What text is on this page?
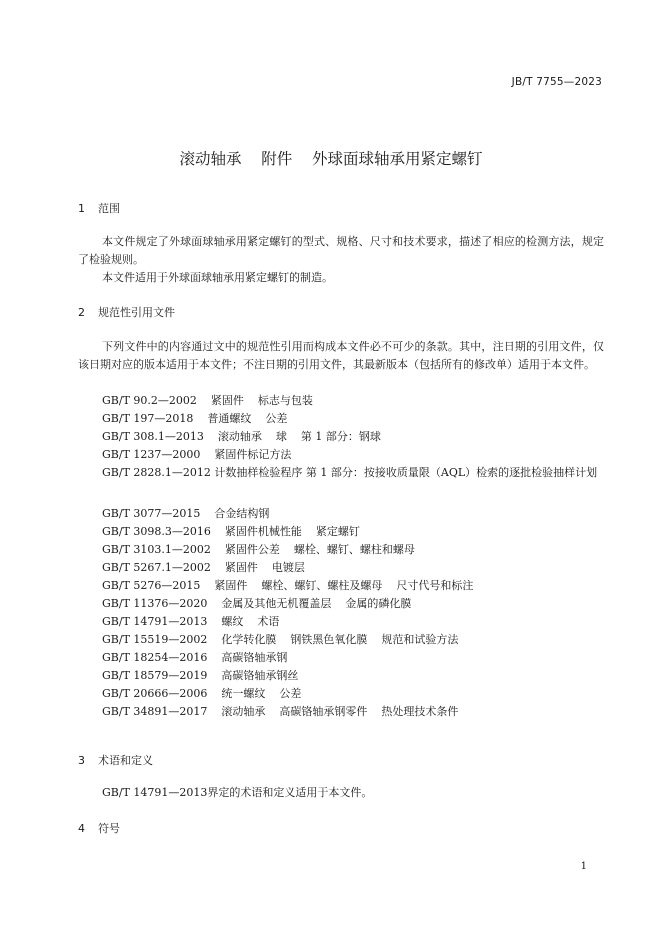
JB/T 7755—2023
滚动轴承    附件    外球面球轴承用紧定螺钉
1 范围
本文件规定了外球面球轴承用紧定螺钉的型式、规格、尺寸和技术要求，描述了相应的检测方法，规定了检验规则。
本文件适用于外球面球轴承用紧定螺钉的制造。
2 规范性引用文件
下列文件中的内容通过文中的规范性引用而构成本文件必不可少的条款。其中，注日期的引用文件，仅该日期对应的版本适用于本文件；不注日期的引用文件，其最新版本（包括所有的修改单）适用于本文件。
GB/T 90.2—2002    紧固件    标志与包装
GB/T 197—2018    普通螺纹    公差
GB/T 308.1—2013    滚动轴承    球    第 1 部分：钢球
GB/T 1237—2000    紧固件标记方法
GB/T 2828.1—2012 计数抽样检验程序 第 1 部分：按接收质量限（AQL）检索的逐批检验抽样计划
GB/T 3077—2015    合金结构钢
GB/T 3098.3—2016    紧固件机械性能    紧定螺钉
GB/T 3103.1—2002    紧固件公差    螺栓、螺钉、螺柱和螺母
GB/T 5267.1—2002    紧固件    电镀层
GB/T 5276—2015    紧固件    螺栓、螺钉、螺柱及螺母    尺寸代号和标注
GB/T 11376—2020    金属及其他无机覆盖层    金属的磷化膜
GB/T 14791—2013    螺纹    术语
GB/T 15519—2002    化学转化膜    钢铁黑色氧化膜    规范和试验方法
GB/T 18254—2016    高碳铬轴承钢
GB/T 18579—2019    高碳铬轴承钢丝
GB/T 20666—2006    统一螺纹    公差
GB/T 34891—2017    滚动轴承    高碳铬轴承钢零件    热处理技术条件
3 术语和定义
GB/T 14791—2013界定的术语和定义适用于本文件。
4 符号
1
